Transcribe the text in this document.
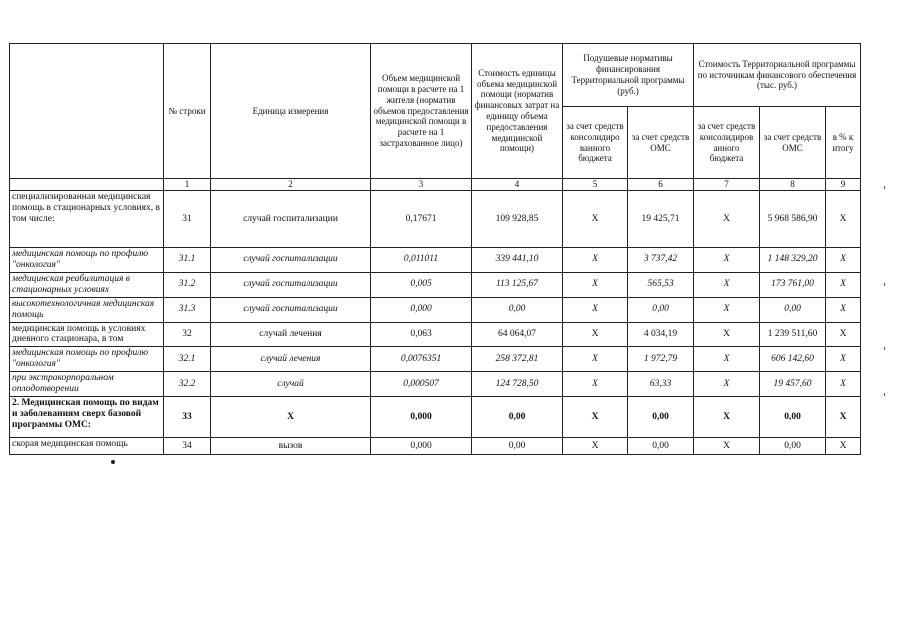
	№ строки	Единица измерения	Объем медицинской помощи в расчете на 1 жителя (норматив объемов предоставления медицинской помощи в расчете на 1 застрахованное лицо)	Стоимость единицы объема медицинской помощи (норматив финансовых затрат на единицу объема предоставления медицинской помощи)	Подушевые нормативы финансирования Территориальной программы (руб.)		Стоимость Территориальной программы по источникам финансового обеспечения (тыс. руб.)		
					за счет средств консолидиро ванного бюджета	за счет средств ОМС	за счет средств консолидиров анного бюджета	за счет средств ОМС	в % к итогу
	1	2	3	4	5	6	7	8	9
специализированная медицинская помощь в стационарных условиях, в том числе:	31	случай госпитализации	0,17671	109 928,85	X	19 425,71	X	5 968 586,90	X
медицинская помощь по профилю "онкология"	31.1	случай госпитализации	0,011011	339 441,10	X	3 737,42	X	1 148 329,20	X
медицинская реабилитация в стационарных условиях	31.2	случай госпитализации	0,005	113 125,67	X	565,53	X	173 761,00	X
высокотехнологичная медицинская помощь	31.3	случай госпитализации	0,000	0,00	X	0,00	X	0,00	X
медицинская помощь в условиях дневного стационара, в том	32	случай лечения	0,063	64 064,07	X	4 034,19	X	1 239 511,60	X
медицинская помощь по профилю "онкология"	32.1	случай лечения	0,0076351	258 372,81	X	1 972,79	X	606 142,60	X
при экстракорпоральном оплодотворении	32.2	случай	0,000507	124 728,50	X	63,33	X	19 457,60	X
2. Медицинская помощь по видам и заболеваниям сверх базовой программы ОМС:	33	X	0,000	0,00	X	0,00	X	0,00	X
скорая медицинская помощь	34	вызов	0,000	0,00	X	0,00	X	0,00	X
